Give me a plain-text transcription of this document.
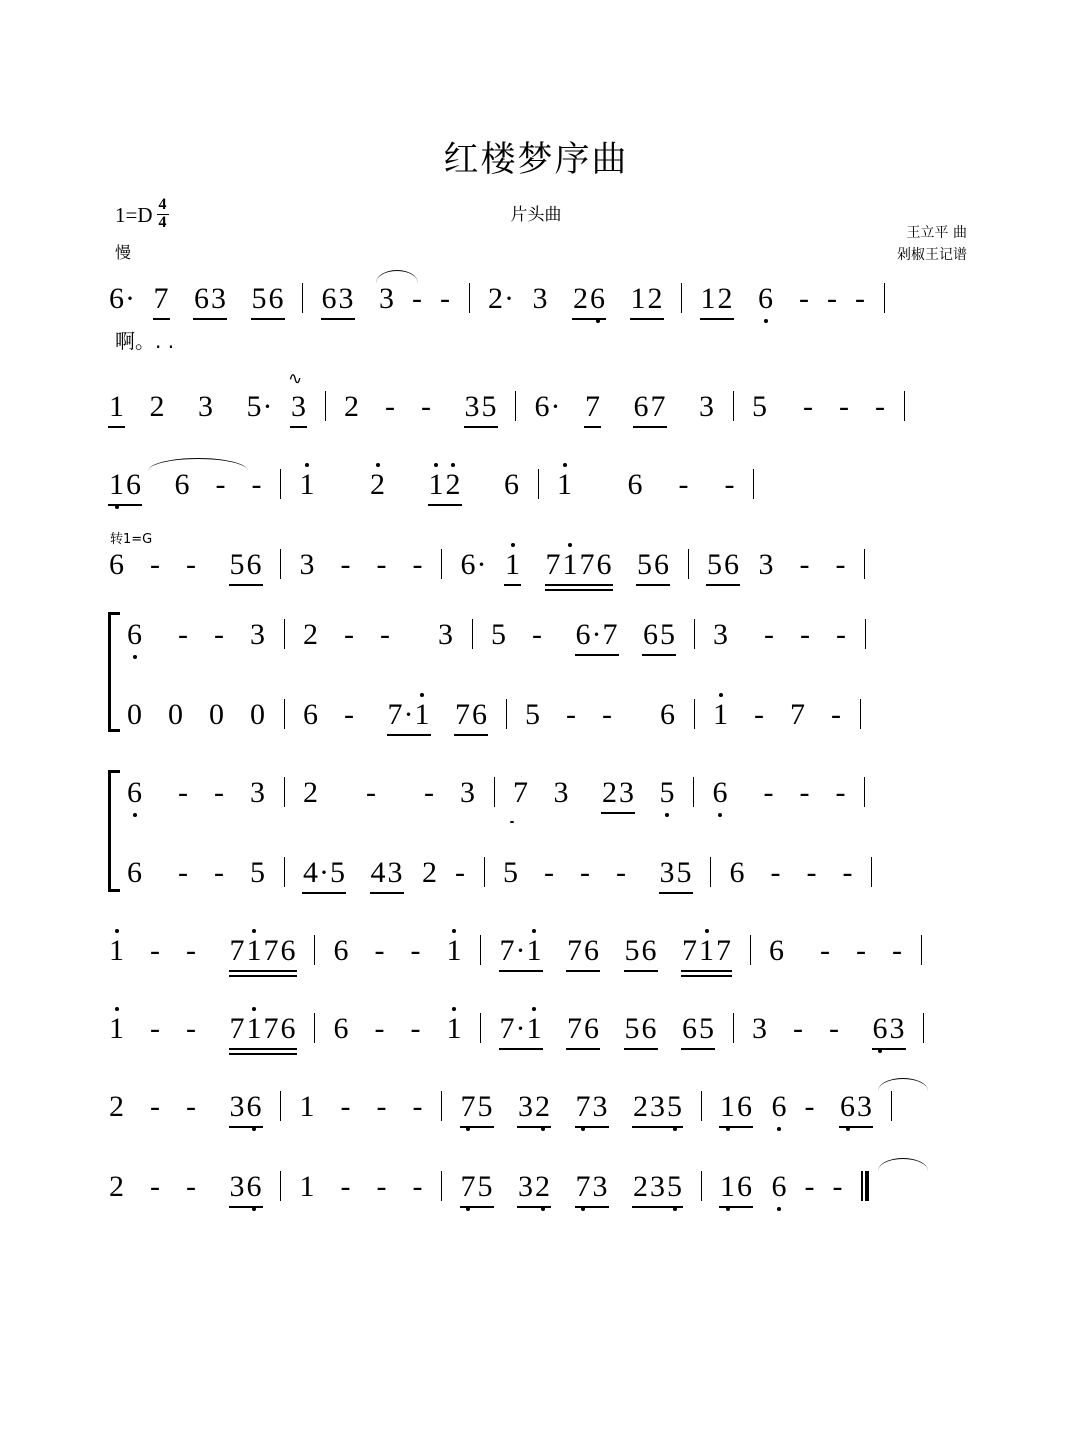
红楼梦序曲
片头曲
$1=D \frac{4}{4}$
慢
王立平 曲
剁椒王记谱
6· 7 63 56 63 3 - - 2· 3 26 12 12 6 - - -
啊。. .
1 2 3 5· 3
∿
2 - - 35 6· 7 67 3 5 - - -
16 6 - - 1 2 12 6 1 6 - -
转1=G
6 - - 56 3 - - - 6· 1 7176 56 56 3 - -
6 - - 3 2 - - 3 5 - 6·7 65 3 - - -
0 0 0 0 6 - 7·1 76 5 - - 6 1 - 7 -
6 - - 3 2 - - 3 7 3 23 5 6 - - -
6 - - 5 4·5 43 2 - 5 - - - 35 6 - - -
1 - - 7176 6 - - 1 7·1 76 56 717 6 - - -
1 - - 7176 6 - - 1 7·1 76 56 65 3 - - 63
2 - - 36 1 - - - 75 32 73 235 16 6 - 63
2 - - 36 1 - - - 75 32 73 235 16 6 - -
